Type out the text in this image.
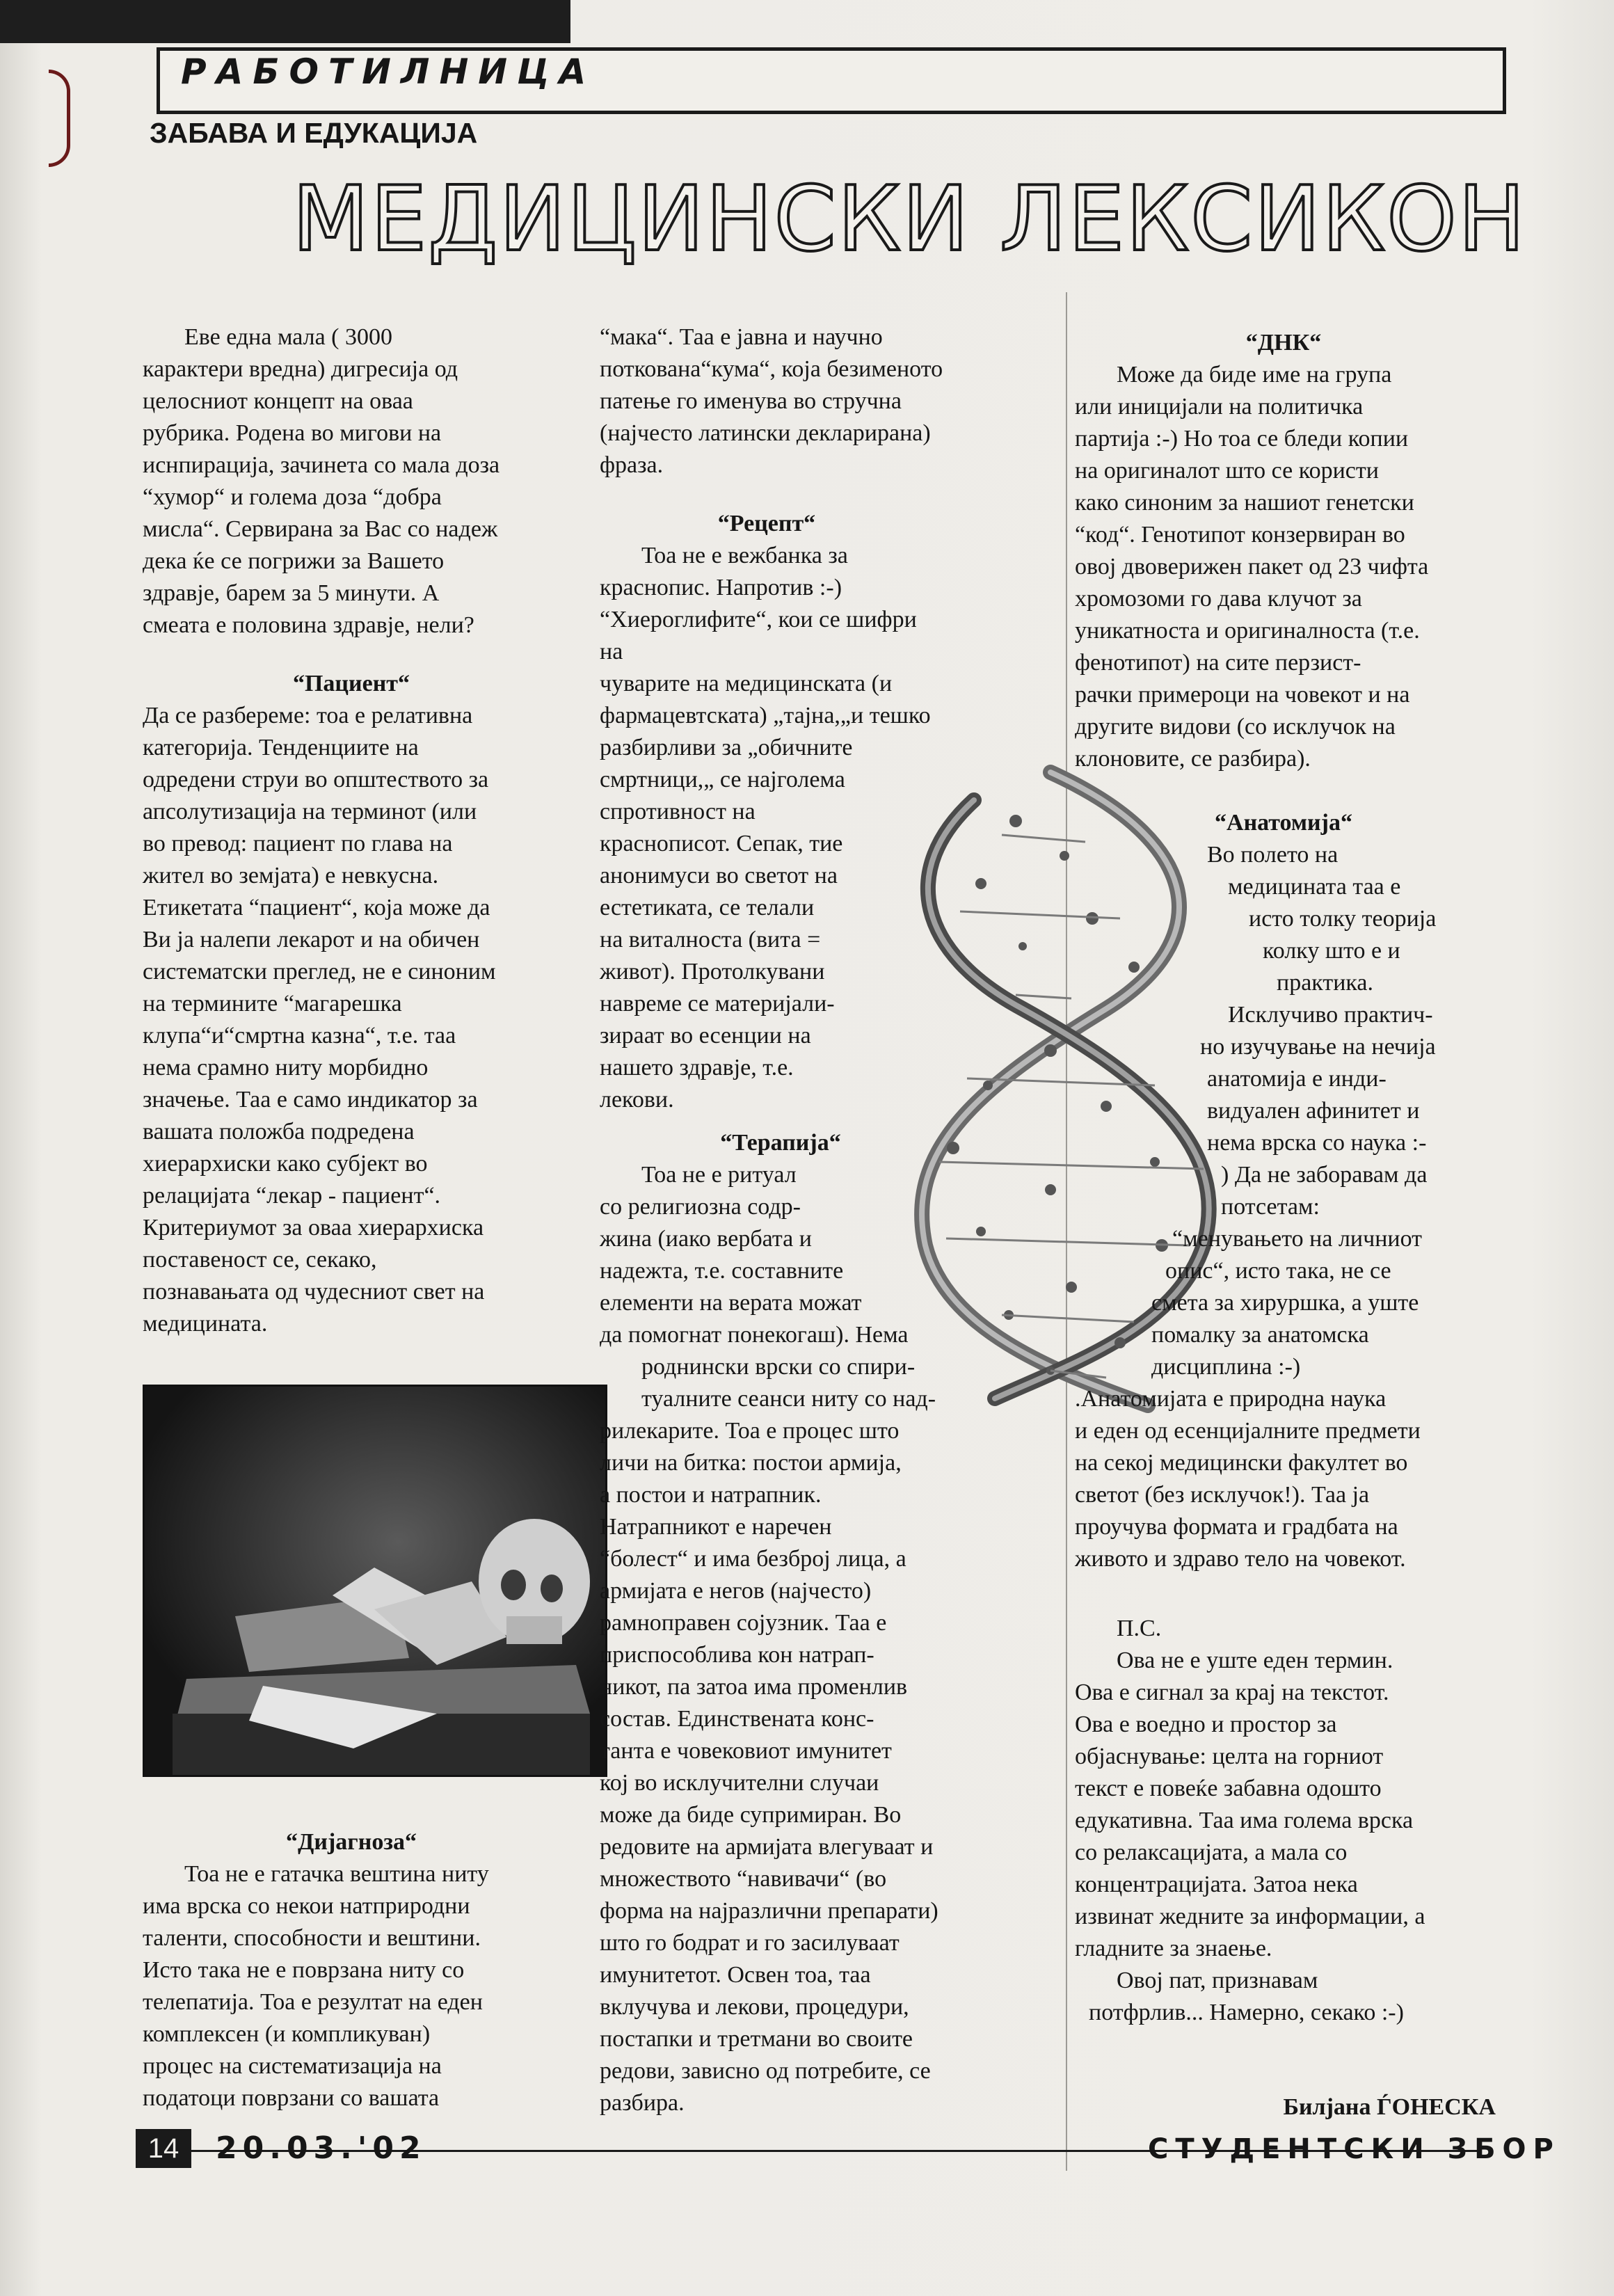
РАБОТИЛНИЦА
ЗАБАВА И ЕДУКАЦИЈА
МЕДИЦИНСКИ ЛЕКСИКОН

Еве една мала ( 3000

карактери вредна) дигресија од

целосниот концепт на оваа

рубрика. Родена во мигови на

иснпирација, зачинета со мала доза

“хумор“ и голема доза “добра

мисла“. Сервирана за Вас со надеж

дека ќе се погрижи за Вашето

здравје, барем за 5 минути. А

смеата е половина здравје, нели?

“Пациент“

Да се разбереме: тоа е релативна

категорија. Тенденциите на

одредени струи во општеството за

апсолутизација на терминот (или

во превод: пациент по глава на

жител во земјата) е невкусна.

Етикетата “пациент“, која може да

Ви ја налепи лекарот и на обичен

систематски преглед, не е синоним

на термините “магарешка

клупа“и“смртна казна“, т.е. таа

нема срамно ниту морбидно

значење. Таа е само индикатор за

вашата положба подредена

хиерархиски како субјект во

релацијата “лекар - пациент“.

Критериумот за оваа хиерархиска

поставеност се, секако,

познавањата од чудесниот свет на

медицината.

“Дијагноза“

Тоа не е гатачка вештина ниту

има врска со некои натприродни

таленти, способности и вештини.

Исто така не е поврзана ниту со

телепатија. Тоа е резултат на еден

комплексен (и компликуван)

процес на систематизација на

податоци поврзани со вашата

“мака“. Таа е јавна и научно

поткована“кума“, која безименото

патење го именува во стручна

(најчесто латински декларирана)

фраза.

“Рецепт“

Тоа не е вежбанка за

краснопис. Напротив :-)

“Хиероглифите“, кои се шифри на

чуварите на медицинската (и

фармацевтската) „тајна,„и тешко

разбирливи за „обичните

смртници,„ се најголема

спротивност на

краснописот. Сепак, тие

анонимуси во светот на

естетиката, се телали

на виталноста (вита =

живот). Протолкувани

навреме се материјали-

зираат во есенции на

нашето здравје, т.е.

лекови.

“Терапија“

Тоа не е ритуал

со религиозна содр-

жина (иако вербата и

надежта, т.е. составните

елементи на верата можат

да помогнат понекогаш). Нема

роднински врски со спири-

туалните сеанси ниту со над-

рилекарите. Тоа е процес што

личи на битка: постои армија,

а постои и натрапник.

Натрапникот е наречен

“болест“ и има безброј лица, а

армијата е негов (најчесто)

рамноправен сојузник. Таа е

приспособлива кон натрап-

никот, па затоа има променлив

состав. Единствената конс-

танта е човековиот имунитет

кој во исклучителни случаи

може да биде супримиран. Во

редовите на армијата влегуваат и

множеството “навивачи“ (во

форма на најразлични препарати)

што го бодрат и го засилуваат

имунитетот. Освен тоа, таа

вклучува и лекови, процедури,

постапки и третмани во своите

редови, зависно од потребите, се

разбира.

“ДНК“

Може да биде име на група

или иницијали на политичка

партија :-) Но тоа се бледи копии

на оригиналот што се користи

како синоним за нашиот генетски

“код“. Генотипот конзервиран во

овој двоверижен пакет од 23 чифта

хромозоми го дава клучот за

уникатноста и оригиналноста (т.е.

фенотипот) на сите перзист-

рачки примероци на човекот и на

другите видови (со исклучок на

клоновите, се разбира).

“Анатомија“

Во полето на

медицината таа е

исто толку теорија

колку што е и

практика.

Исклучиво практич-

но изучување на нечија

анатомија е инди-

видуален афинитет и

нема врска со наука :-

) Да не заборавам да

потсетам:

“менувањето на личниот

опис“, исто така, не се

смета за хируршка, а уште

помалку за анатомска

дисциплина :-)

.Анатомијата е природна наука

и еден од есенцијалните предмети

на секој медицински факултет во

светот (без исклучок!). Таа ја

проучува формата и градбата на

живото и здраво тело на човекот.

П.С.

Ова не е уште еден термин.

Ова е сигнал за крај на текстот.

Ова е воедно и простор за

објаснување: целта на горниот

текст е повеќе забавна одошто

едукативна. Таа има голема врска

со релаксацијата, а мала со

концентрацијата. Затоа нека

извинат жедните за информации, а

гладните за знаење.

Овој пат, признавам

потфрлив... Намерно, секако :-)

Билјана ЃОНЕСКА
14	20.03.'02	СТУДЕНТСКИ ЗБОР
